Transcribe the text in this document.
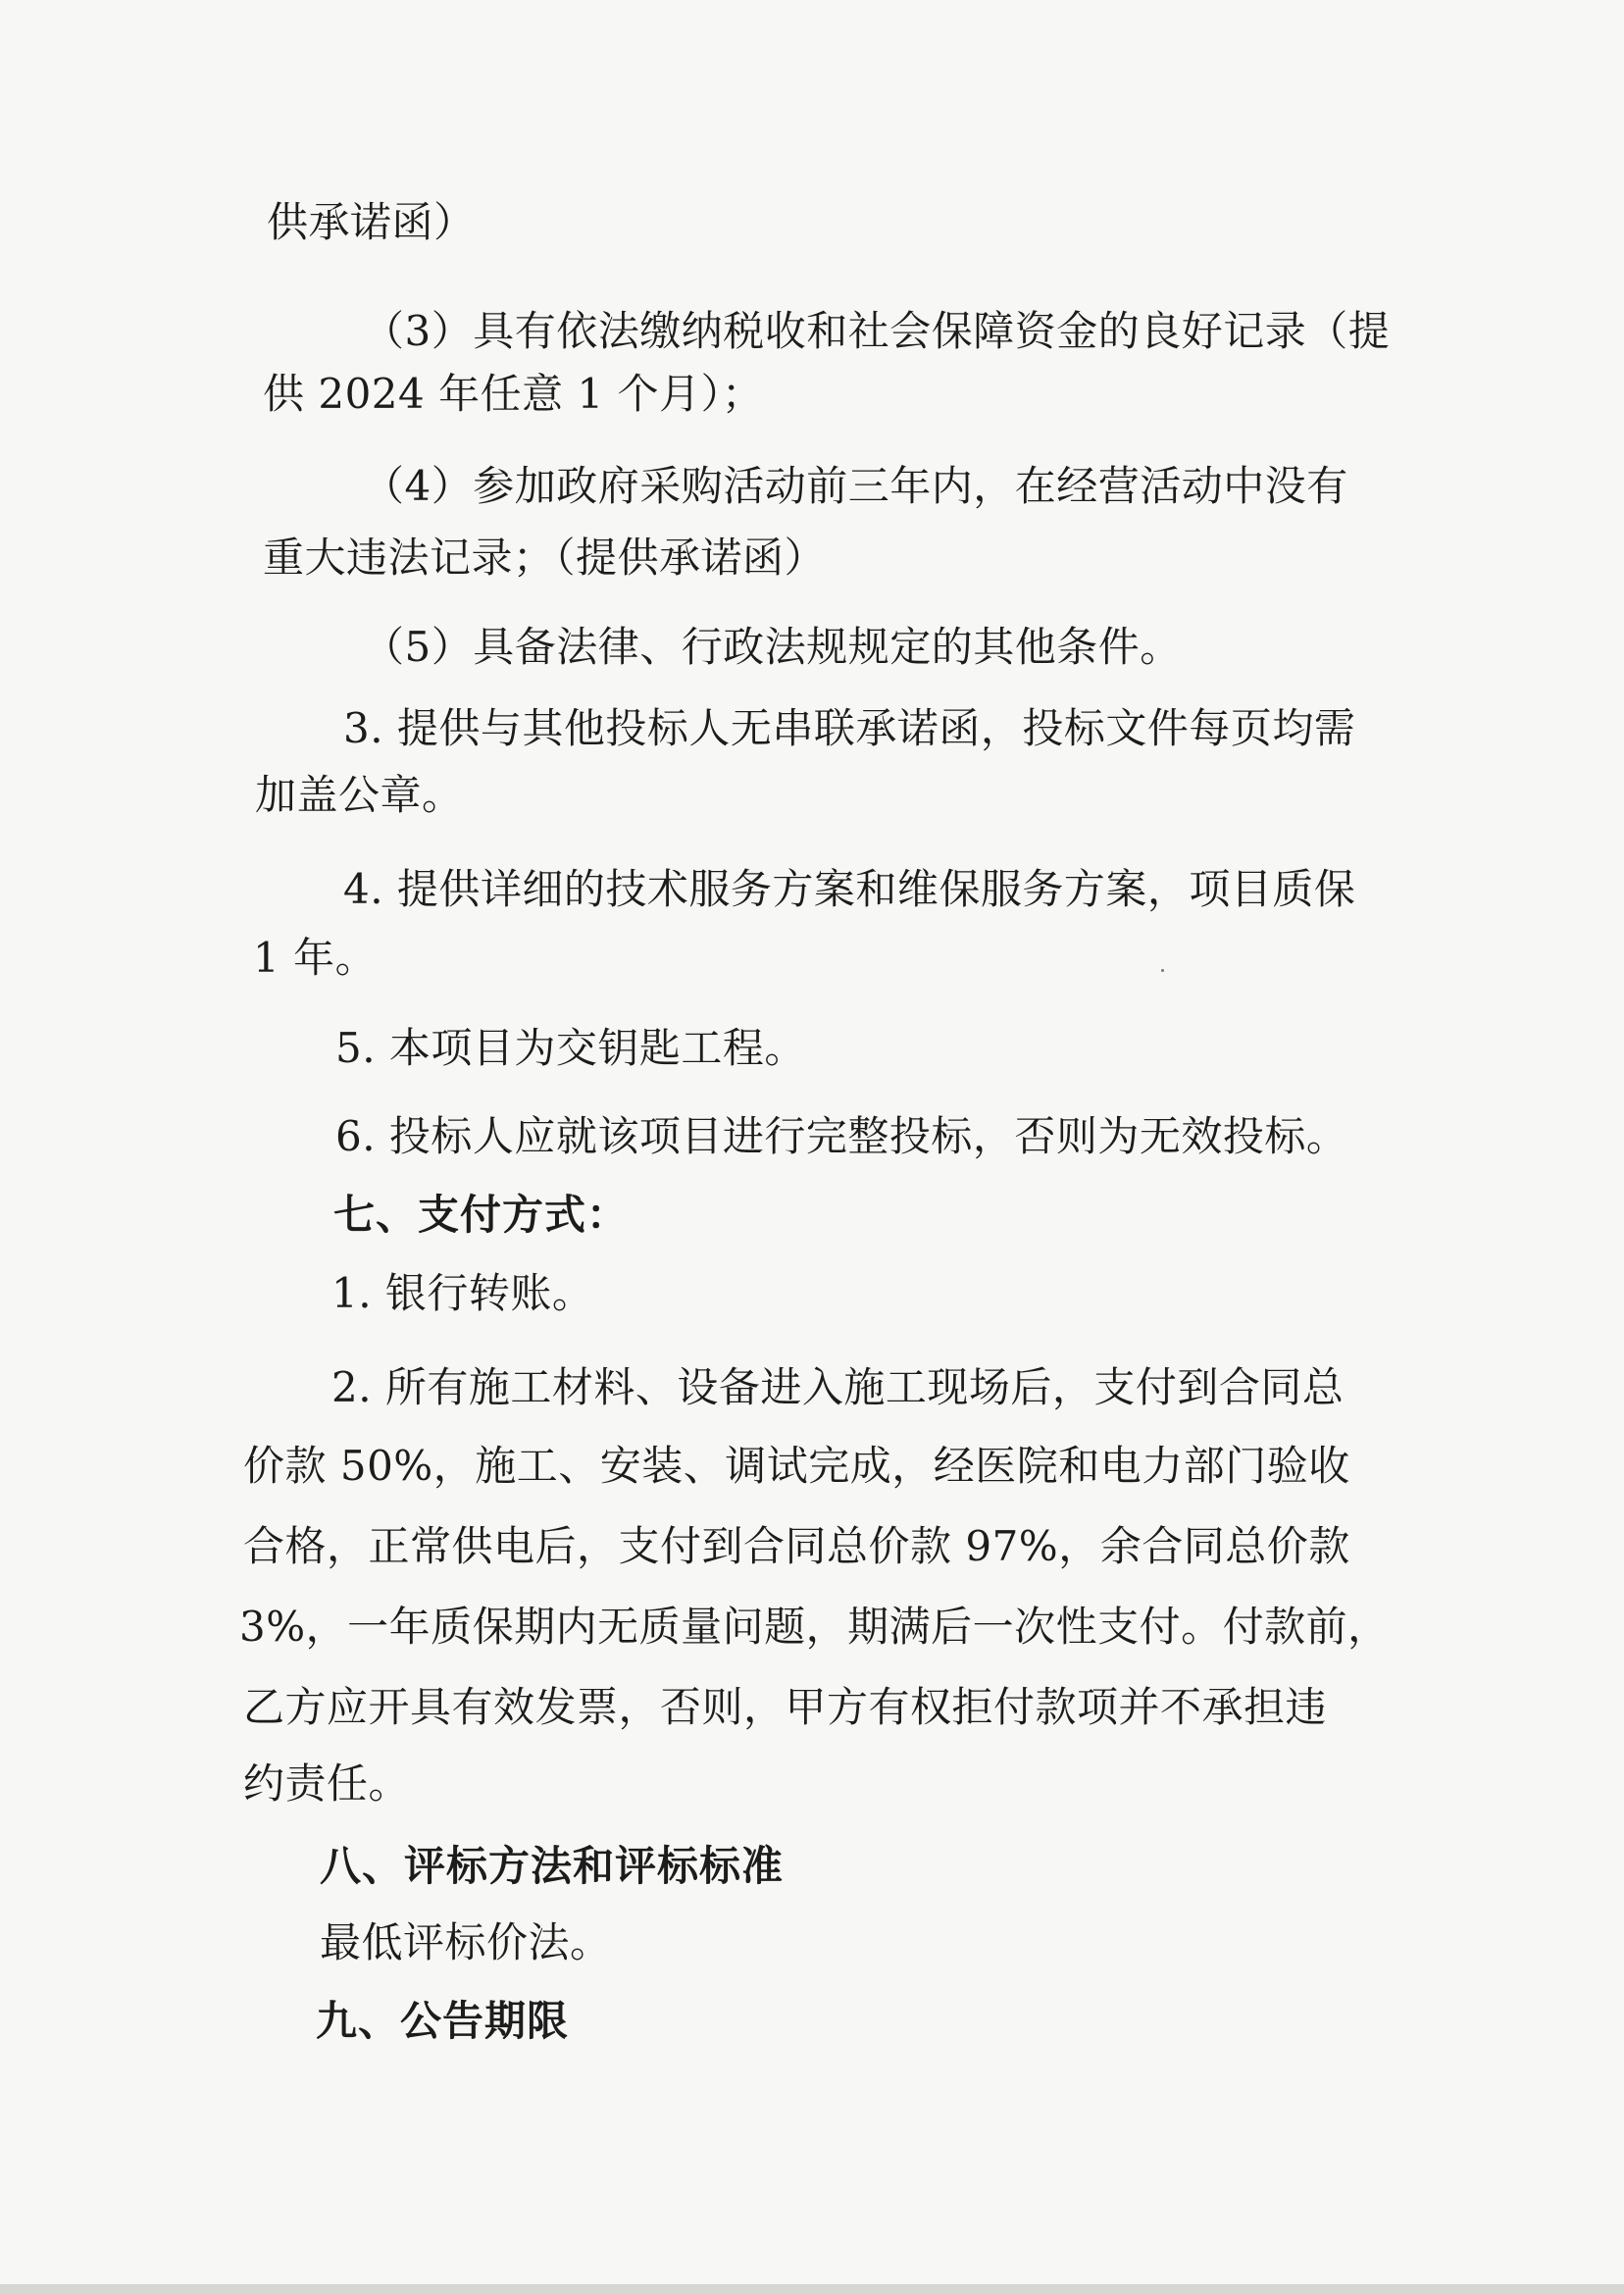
供承诺函）
（3）具有依法缴纳税收和社会保障资金的良好记录（提
供 2024 年任意 1 个月）；
（4）参加政府采购活动前三年内，在经营活动中没有
重大违法记录；（提供承诺函）
（5）具备法律、行政法规规定的其他条件。
3. 提供与其他投标人无串联承诺函，投标文件每页均需
加盖公章。
4. 提供详细的技术服务方案和维保服务方案，项目质保
1 年。
5. 本项目为交钥匙工程。
6. 投标人应就该项目进行完整投标，否则为无效投标。
七、支付方式：
1. 银行转账。
2. 所有施工材料、设备进入施工现场后，支付到合同总
价款 50%，施工、安装、调试完成，经医院和电力部门验收
合格，正常供电后，支付到合同总价款 97%，余合同总价款
3%，一年质保期内无质量问题，期满后一次性支付。付款前，
乙方应开具有效发票，否则，甲方有权拒付款项并不承担违
约责任。
八、评标方法和评标标准
最低评标价法。
九、公告期限
